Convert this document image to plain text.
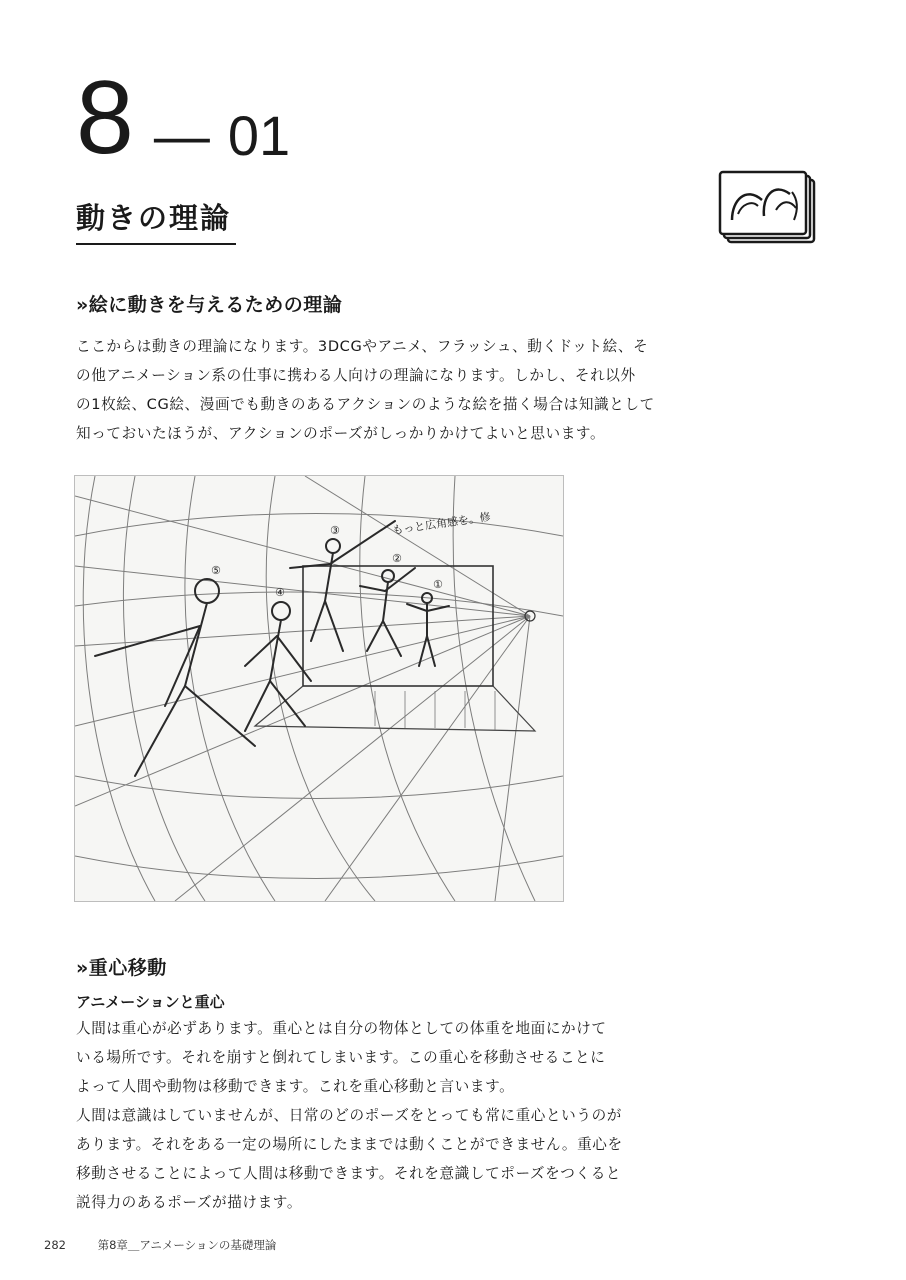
8 — 01
動きの理論
»絵に動きを与えるための理論
ここからは動きの理論になります。3DCGやアニメ、フラッシュ、動くドット絵、そ
の他アニメーション系の仕事に携わる人向けの理論になります。しかし、それ以外
の1枚絵、CG絵、漫画でも動きのあるアクションのような絵を描く場合は知識として
知っておいたほうが、アクションのポーズがしっかりかけてよいと思います。
①
②
③
④
⑤
もっと広角感を。修
»重心移動
アニメーションと重心
人間は重心が必ずあります。重心とは自分の物体としての体重を地面にかけて
いる場所です。それを崩すと倒れてしまいます。この重心を移動させることに
よって人間や動物は移動できます。これを重心移動と言います。
人間は意識はしていませんが、日常のどのポーズをとっても常に重心というのが
あります。それをある一定の場所にしたままでは動くことができません。重心を
移動させることによって人間は移動できます。それを意識してポーズをつくると
説得力のあるポーズが描けます。
282	第8章＿アニメーションの基礎理論
